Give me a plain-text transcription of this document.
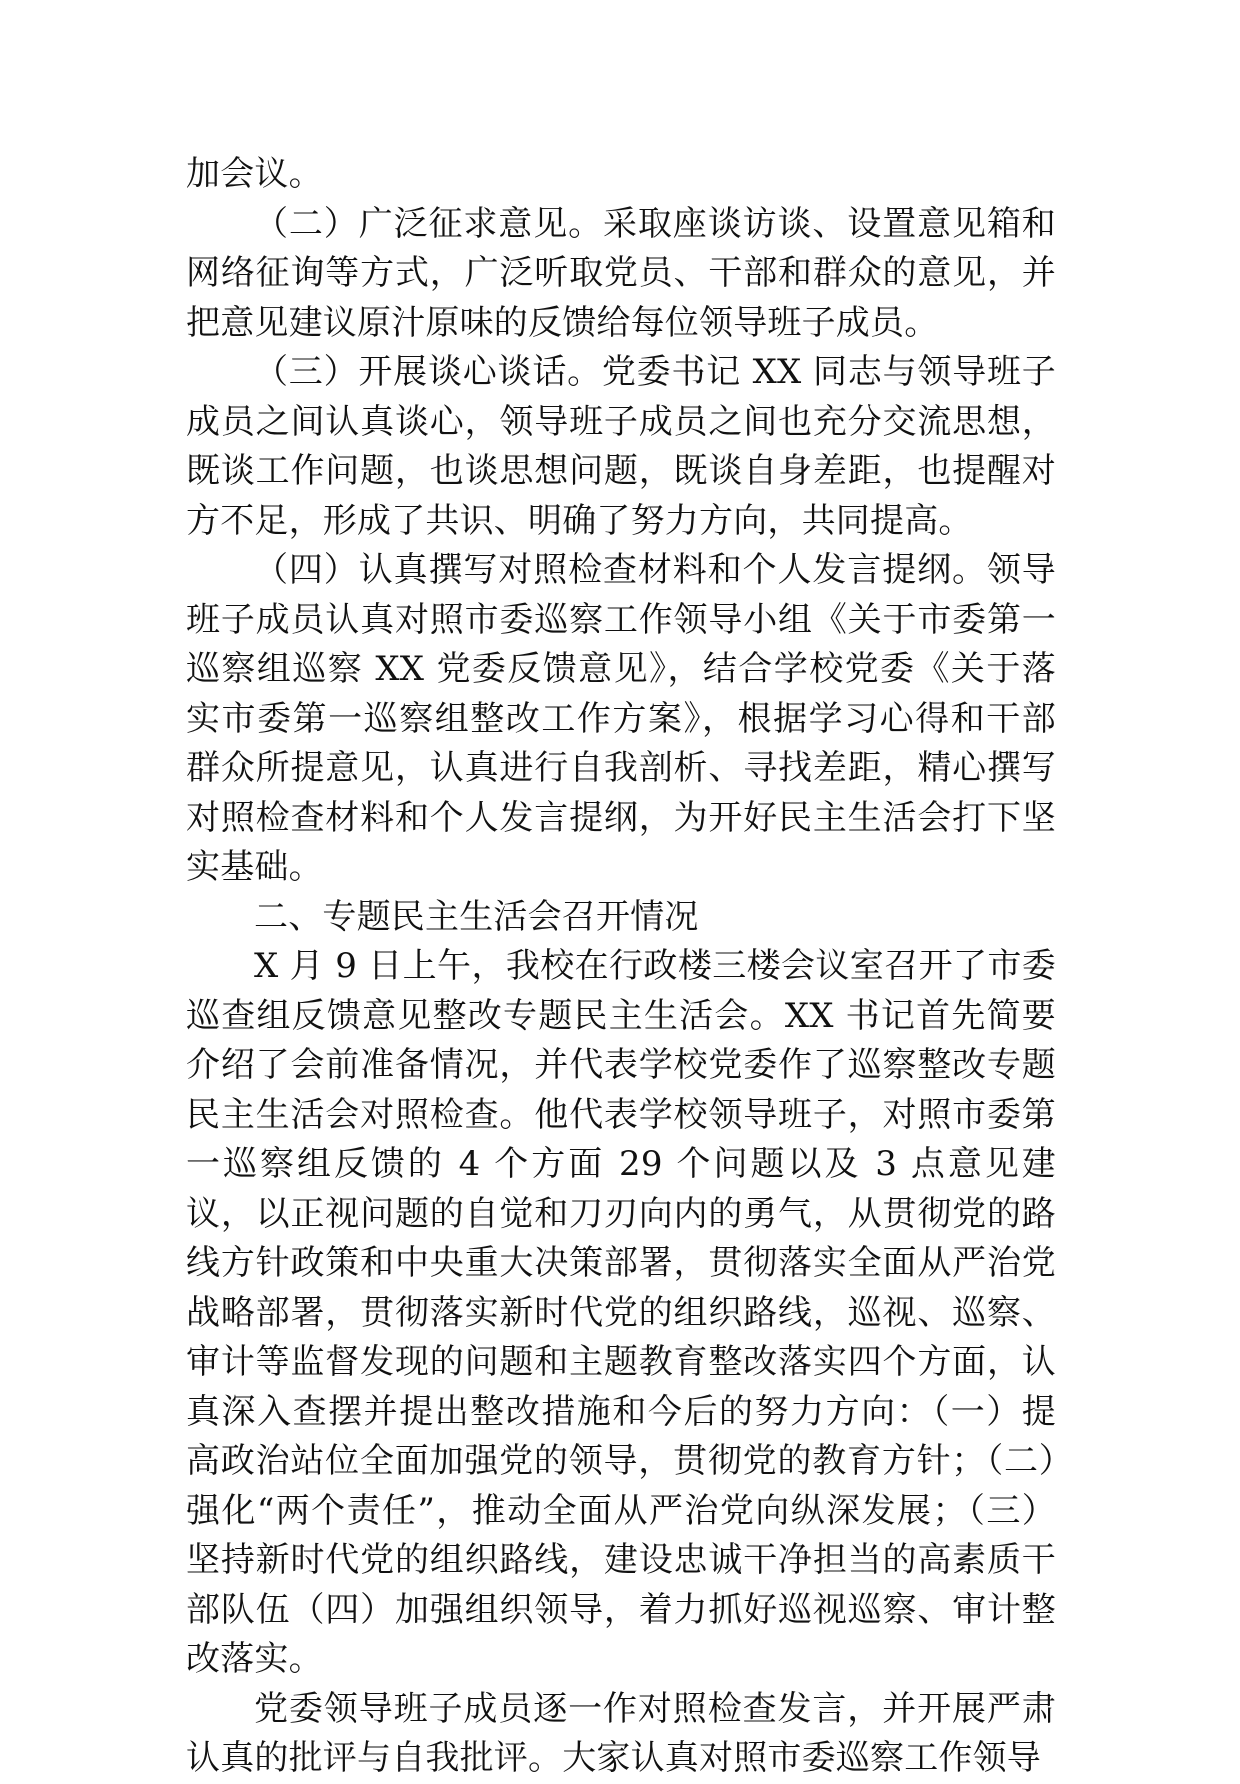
加会议。

（二）广泛征求意见。采取座谈访谈、设置意见箱和网络征询等方式，广泛听取党员、干部和群众的意见，并把意见建议原汁原味的反馈给每位领导班子成员。

（三）开展谈心谈话。党委书记 XX 同志与领导班子成员之间认真谈心，领导班子成员之间也充分交流思想，既谈工作问题，也谈思想问题，既谈自身差距，也提醒对方不足，形成了共识、明确了努力方向，共同提高。

（四）认真撰写对照检查材料和个人发言提纲。领导班子成员认真对照市委巡察工作领导小组《关于市委第一巡察组巡察 XX 党委反馈意见》，结合学校党委《关于落实市委第一巡察组整改工作方案》，根据学习心得和干部群众所提意见，认真进行自我剖析、寻找差距，精心撰写对照检查材料和个人发言提纲，为开好民主生活会打下坚实基础。

二、专题民主生活会召开情况

X 月 9 日上午，我校在行政楼三楼会议室召开了市委巡查组反馈意见整改专题民主生活会。XX 书记首先简要介绍了会前准备情况，并代表学校党委作了巡察整改专题民主生活会对照检查。他代表学校领导班子，对照市委第一巡察组反馈的 4 个方面 29 个问题以及 3 点意见建议，以正视问题的自觉和刀刃向内的勇气，从贯彻党的路线方针政策和中央重大决策部署，贯彻落实全面从严治党战略部署，贯彻落实新时代党的组织路线，巡视、巡察、审计等监督发现的问题和主题教育整改落实四个方面，认真深入查摆并提出整改措施和今后的努力方向：（一）提高政治站位全面加强党的领导，贯彻党的教育方针；（二）强化“两个责任”，推动全面从严治党向纵深发展；（三）坚持新时代党的组织路线，建设忠诚干净担当的高素质干部队伍（四）加强组织领导，着力抓好巡视巡察、审计整改落实。

党委领导班子成员逐一作对照检查发言，并开展严肃认真的批评与自我批评。大家认真对照市委巡察工作领导
